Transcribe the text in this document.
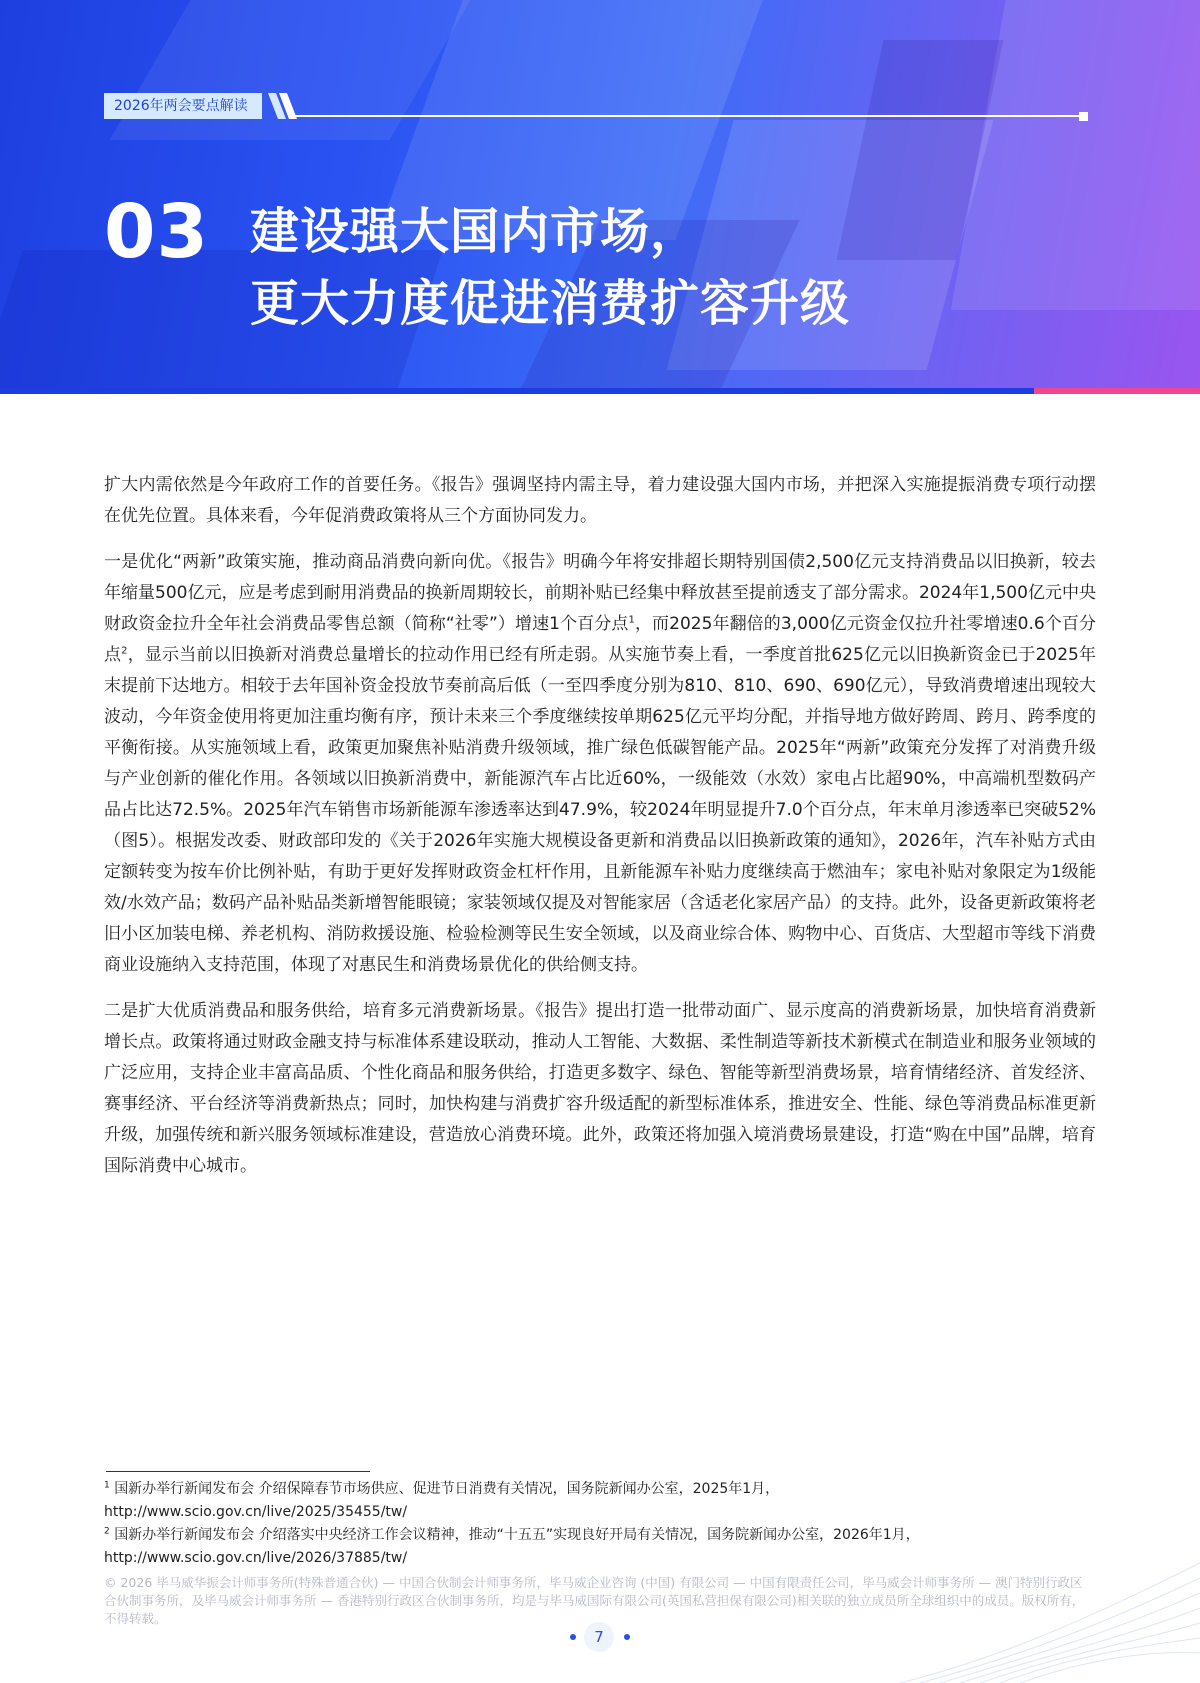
2026年两会要点解读
03 建设强大国内市场，
更大力度促进消费扩容升级

扩大内需依然是今年政府工作的首要任务。《报告》强调坚持内需主导，着力建设强大国内市场，并把深入实施提振消费专项行动摆在优先位置。具体来看，今年促消费政策将从三个方面协同发力。

一是优化“两新”政策实施，推动商品消费向新向优。《报告》明确今年将安排超长期特别国债2,500亿元支持消费品以旧换新，较去年缩量500亿元，应是考虑到耐用消费品的换新周期较长，前期补贴已经集中释放甚至提前透支了部分需求。2024年1,500亿元中央财政资金拉升全年社会消费品零售总额（简称“社零”）增速1个百分点$^1$，而2025年翻倍的3,000亿元资金仅拉升社零增速0.6个百分点$^2$，显示当前以旧换新对消费总量增长的拉动作用已经有所走弱。从实施节奏上看，一季度首批625亿元以旧换新资金已于2025年末提前下达地方。相较于去年国补资金投放节奏前高后低（一至四季度分别为810、810、690、690亿元），导致消费增速出现较大波动，今年资金使用将更加注重均衡有序，预计未来三个季度继续按单期625亿元平均分配，并指导地方做好跨周、跨月、跨季度的平衡衔接。从实施领域上看，政策更加聚焦补贴消费升级领域，推广绿色低碳智能产品。2025年“两新”政策充分发挥了对消费升级与产业创新的催化作用。各领域以旧换新消费中，新能源汽车占比近60%，一级能效（水效）家电占比超90%，中高端机型数码产品占比达72.5%。2025年汽车销售市场新能源车渗透率达到47.9%，较2024年明显提升7.0个百分点，年末单月渗透率已突破52%（图5）。根据发改委、财政部印发的《关于2026年实施大规模设备更新和消费品以旧换新政策的通知》，2026年，汽车补贴方式由定额转变为按车价比例补贴，有助于更好发挥财政资金杠杆作用，且新能源车补贴力度继续高于燃油车；家电补贴对象限定为1级能效/水效产品；数码产品补贴品类新增智能眼镜；家装领域仅提及对智能家居（含适老化家居产品）的支持。此外，设备更新政策将老旧小区加装电梯、养老机构、消防救援设施、检验检测等民生安全领域，以及商业综合体、购物中心、百货店、大型超市等线下消费商业设施纳入支持范围，体现了对惠民生和消费场景优化的供给侧支持。

二是扩大优质消费品和服务供给，培育多元消费新场景。《报告》提出打造一批带动面广、显示度高的消费新场景，加快培育消费新增长点。政策将通过财政金融支持与标准体系建设联动，推动人工智能、大数据、柔性制造等新技术新模式在制造业和服务业领域的广泛应用，支持企业丰富高品质、个性化商品和服务供给，打造更多数字、绿色、智能等新型消费场景，培育情绪经济、首发经济、赛事经济、平台经济等消费新热点；同时，加快构建与消费扩容升级适配的新型标准体系，推进安全、性能、绿色等消费品标准更新升级，加强传统和新兴服务领域标准建设，营造放心消费环境。此外，政策还将加强入境消费场景建设，打造“购在中国”品牌，培育国际消费中心城市。

$^1$ 国新办举行新闻发布会 介绍保障春节市场供应、促进节日消费有关情况，国务院新闻办公室，2025年1月，
http://www.scio.gov.cn/live/2025/35455/tw/
$^2$ 国新办举行新闻发布会 介绍落实中央经济工作会议精神，推动“十五五”实现良好开局有关情况，国务院新闻办公室，2026年1月，
http://www.scio.gov.cn/live/2026/37885/tw/
© 2026 毕马威华振会计师事务所(特殊普通合伙) — 中国合伙制会计师事务所，毕马威企业咨询 (中国) 有限公司 — 中国有限责任公司，毕马威会计师事务所 — 澳门特别行政区合伙制事务所，及毕马威会计师事务所 — 香港特别行政区合伙制事务所，均是与毕马威国际有限公司(英国私营担保有限公司)相关联的独立成员所全球组织中的成员。版权所有，不得转载。
7
